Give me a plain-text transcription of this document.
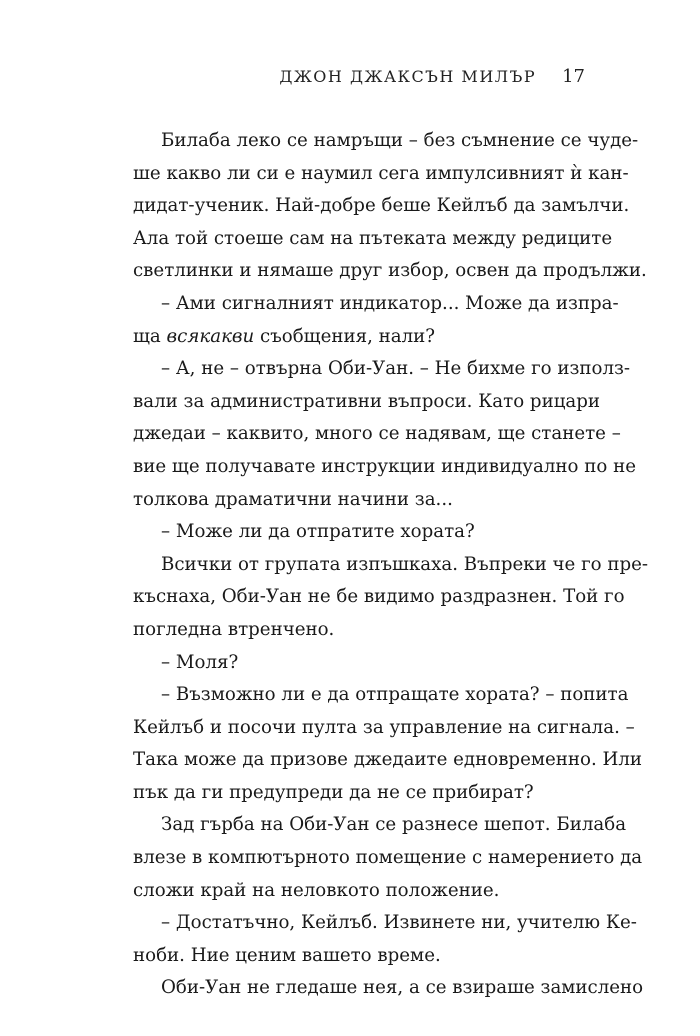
ДЖОН ДЖАКСЪН МИЛЪР 17
Билаба леко се намръщи – без съмнение се чуде-
ше какво ли си е наумил сега импулсивният ѝ кан-
дидат-ученик. Най-добре беше Кейлъб да замълчи.
Ала той стоеше сам на пътеката между редиците
светлинки и нямаше друг избор, освен да продължи.
– Ами сигналният индикатор... Може да изпра-
ща всякакви съобщения, нали?
– А, не – отвърна Оби-Уан. – Не бихме го използ-
вали за административни въпроси. Като рицари
джедаи – каквито, много се надявам, ще станете –
вие ще получавате инструкции индивидуално по не
толкова драматични начини за...
– Може ли да отпратите хората?
Всички от групата изпъшкаха. Въпреки че го пре-
къснаха, Оби-Уан не бе видимо раздразнен. Той го
погледна втренчено.
– Моля?
– Възможно ли е да отпращате хората? – попита
Кейлъб и посочи пулта за управление на сигнала. –
Така може да призове джедаите едновременно. Или
пък да ги предупреди да не се прибират?
Зад гърба на Оби-Уан се разнесе шепот. Билаба
влезе в компютърното помещение с намерението да
сложи край на неловкото положение.
– Достатъчно, Кейлъб. Извинете ни, учителю Ке-
ноби. Ние ценим вашето време.
Оби-Уан не гледаше нея, а се взираше замислено
